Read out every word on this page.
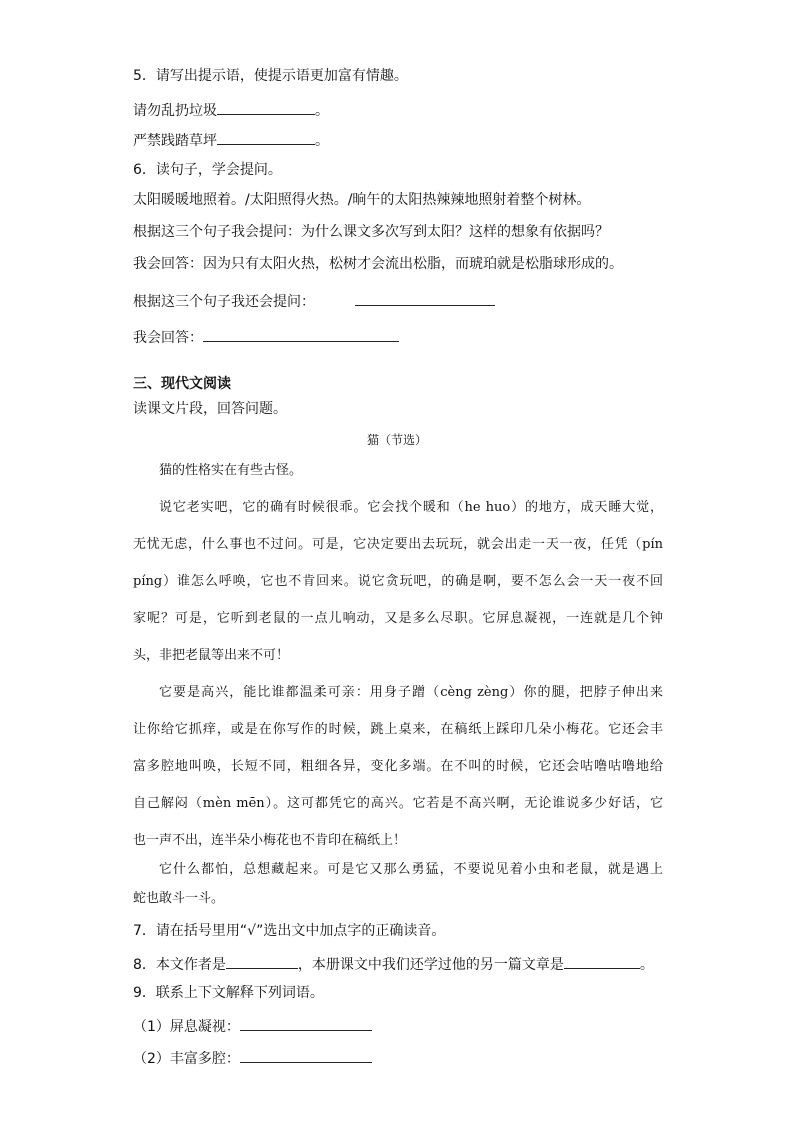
5．请写出提示语，使提示语更加富有情趣。
请勿乱扔垃圾	。
严禁践踏草坪	。
6．读句子，学会提问。
太阳暖暖地照着。/太阳照得火热。/晌午的太阳热辣辣地照射着整个树林。
根据这三个句子我会提问：为什么课文多次写到太阳？这样的想象有依据吗？
我会回答：因为只有太阳火热，松树才会流出松脂，而琥珀就是松脂球形成的。
根据这三个句子我还会提问：
我会回答：
三、现代文阅读
读课文片段，回答问题。
猫（节选）
猫的性格实在有些古怪。
说它老实吧，它的确有时候很乖。它会找个暖和（he huo）的地方，成天睡大觉，
无忧无虑，什么事也不过问。可是，它决定要出去玩玩，就会出走一天一夜，任凭（pín
píng）谁怎么呼唤，它也不肯回来。说它贪玩吧，的确是啊，要不怎么会一天一夜不回
家呢？可是，它听到老鼠的一点儿响动，又是多么尽职。它屏息凝视，一连就是几个钟
头，非把老鼠等出来不可！
它要是高兴，能比谁都温柔可亲：用身子蹭（cèng zèng）你的腿，把脖子伸出来
让你给它抓痒，或是在你写作的时候，跳上桌来，在稿纸上踩印几朵小梅花。它还会丰
富多腔地叫唤，长短不同，粗细各异，变化多端。在不叫的时候，它还会咕噜咕噜地给
自己解闷（mèn mēn）。这可都凭它的高兴。它若是不高兴啊，无论谁说多少好话，它
也一声不出，连半朵小梅花也不肯印在稿纸上！
它什么都怕，总想藏起来。可是它又那么勇猛，不要说见着小虫和老鼠，就是遇上
蛇也敢斗一斗。
7．请在括号里用“√”选出文中加点字的正确读音。
8．本文作者是	，本册课文中我们还学过他的另一篇文章是	。
9．联系上下文解释下列词语。
（1）屏息凝视：
（2）丰富多腔：
